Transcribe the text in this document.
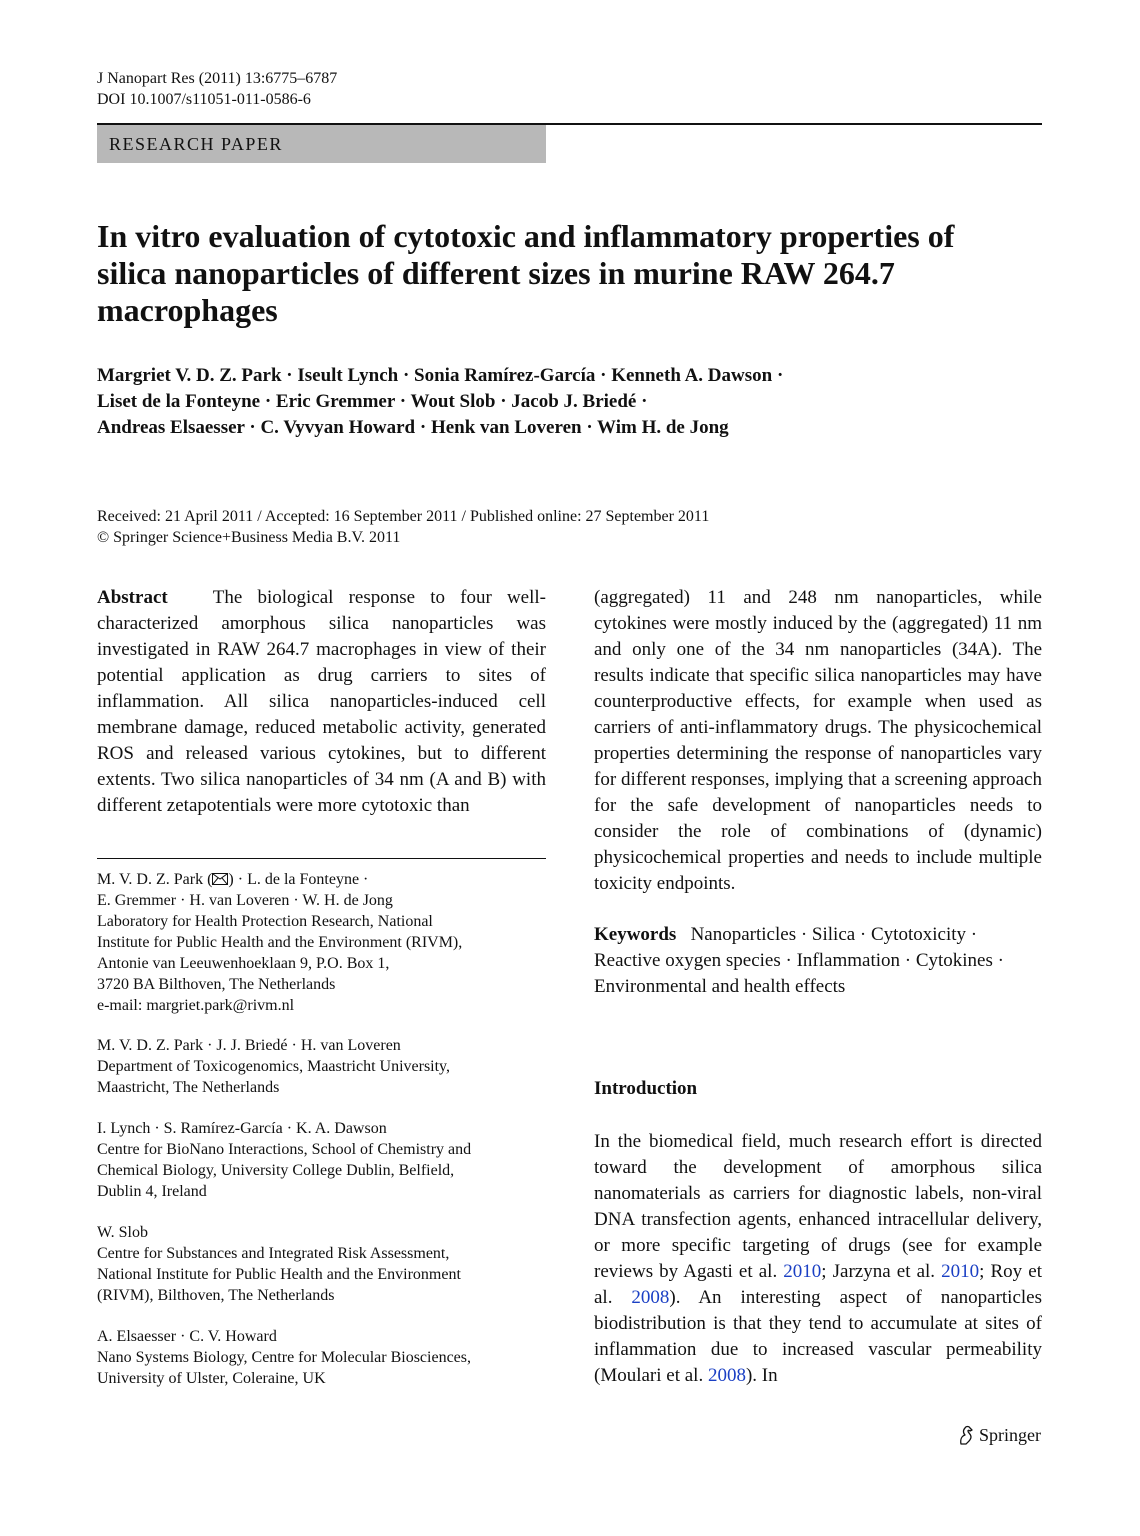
J Nanopart Res (2011) 13:6775–6787
DOI 10.1007/s11051-011-0586-6
RESEARCH PAPER
In vitro evaluation of cytotoxic and inflammatory properties of silica nanoparticles of different sizes in murine RAW 264.7 macrophages
Margriet V. D. Z. Park · Iseult Lynch · Sonia Ramírez-García · Kenneth A. Dawson ·
Liset de la Fonteyne · Eric Gremmer · Wout Slob · Jacob J. Briedé ·
Andreas Elsaesser · C. Vyvyan Howard · Henk van Loveren · Wim H. de Jong
Received: 21 April 2011 / Accepted: 16 September 2011 / Published online: 27 September 2011
© Springer Science+Business Media B.V. 2011
Abstract The biological response to four well-characterized amorphous silica nanoparticles was investigated in RAW 264.7 macrophages in view of their potential application as drug carriers to sites of inflammation. All silica nanoparticles-induced cell membrane damage, reduced metabolic activity, generated ROS and released various cytokines, but to different extents. Two silica nanoparticles of 34 nm (A and B) with different zetapotentials were more cytotoxic than
(aggregated) 11 and 248 nm nanoparticles, while cytokines were mostly induced by the (aggregated) 11 nm and only one of the 34 nm nanoparticles (34A). The results indicate that specific silica nanoparticles may have counterproductive effects, for example when used as carriers of anti-inflammatory drugs. The physicochemical properties determining the response of nanoparticles vary for different responses, implying that a screening approach for the safe development of nanoparticles needs to consider the role of combinations of (dynamic) physicochemical properties and needs to include multiple toxicity endpoints.
Keywords Nanoparticles · Silica · Cytotoxicity · Reactive oxygen species · Inflammation · Cytokines · Environmental and health effects
Introduction
In the biomedical field, much research effort is directed toward the development of amorphous silica nanomaterials as carriers for diagnostic labels, non-viral DNA transfection agents, enhanced intracellular delivery, or more specific targeting of drugs (see for example reviews by Agasti et al. 2010; Jarzyna et al. 2010; Roy et al. 2008). An interesting aspect of nanoparticles biodistribution is that they tend to accumulate at sites of inflammation due to increased vascular permeability (Moulari et al. 2008). In

M. V. D. Z. Park ( ) · L. de la Fonteyne ·

E. Gremmer · H. van Loveren · W. H. de Jong

Laboratory for Health Protection Research, National

Institute for Public Health and the Environment (RIVM),

Antonie van Leeuwenhoeklaan 9, P.O. Box 1,

3720 BA Bilthoven, The Netherlands

e-mail: margriet.park@rivm.nl

M. V. D. Z. Park · J. J. Briedé · H. van Loveren

Department of Toxicogenomics, Maastricht University,

Maastricht, The Netherlands

I. Lynch · S. Ramírez-García · K. A. Dawson

Centre for BioNano Interactions, School of Chemistry and

Chemical Biology, University College Dublin, Belfield,

Dublin 4, Ireland

W. Slob

Centre for Substances and Integrated Risk Assessment,

National Institute for Public Health and the Environment

(RIVM), Bilthoven, The Netherlands

A. Elsaesser · C. V. Howard

Nano Systems Biology, Centre for Molecular Biosciences,

University of Ulster, Coleraine, UK

Springer
